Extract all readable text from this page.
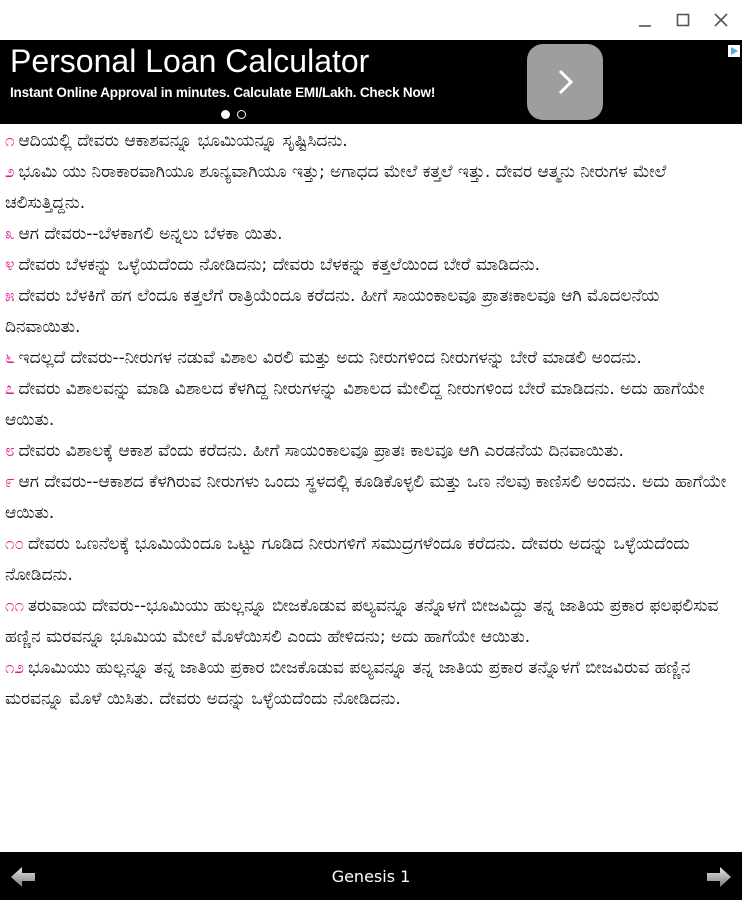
Personal Loan Calculator
Instant Online Approval in minutes. Calculate EMI/Lakh. Check Now!

೧ ಆದಿಯಲ್ಲಿ ದೇವರು ಆಕಾಶವನ್ನೂ ಭೂಮಿಯನ್ನೂ ಸೃಷ್ಟಿಸಿದನು.

೨ ಭೂಮಿ ಯು ನಿರಾಕಾರವಾಗಿಯೂ ಶೂನ್ಯವಾಗಿಯೂ ಇತ್ತು; ಅಗಾಧದ ಮೇಲೆ ಕತ್ತಲೆ ಇತ್ತು. ದೇವರ ಆತ್ಮನು ನೀರುಗಳ ಮೇಲೆ ಚಲಿಸುತ್ತಿದ್ದನು.

೩ ಆಗ ದೇವರು--ಬೆಳಕಾಗಲಿ ಅನ್ನಲು ಬೆಳಕಾ ಯಿತು.

೪ ದೇವರು ಬೆಳಕನ್ನು ಒಳ್ಳೆಯದೆಂದು ನೋಡಿದನು; ದೇವರು ಬೆಳಕನ್ನು ಕತ್ತಲೆಯಿಂದ ಬೇರೆ ಮಾಡಿದನು.

೫ ದೇವರು ಬೆಳಕಿಗೆ ಹಗ ಲೆಂದೂ ಕತ್ತಲೆಗೆ ರಾತ್ರಿಯೆಂದೂ ಕರೆದನು. ಹೀಗೆ ಸಾಯಂಕಾಲವೂ ಪ್ರಾತಃಕಾಲವೂ ಆಗಿ ಮೊದಲನೆಯ ದಿನವಾಯಿತು.

೬ ಇದಲ್ಲದೆ ದೇವರು--ನೀರುಗಳ ನಡುವೆ ವಿಶಾಲ ವಿರಲಿ ಮತ್ತು ಅದು ನೀರುಗಳಿಂದ ನೀರುಗಳನ್ನು ಬೇರೆ ಮಾಡಲಿ ಅಂದನು.

೭ ದೇವರು ವಿಶಾಲವನ್ನು ಮಾಡಿ ವಿಶಾಲದ ಕೆಳಗಿದ್ದ ನೀರುಗಳನ್ನು ವಿಶಾಲದ ಮೇಲಿದ್ದ ನೀರುಗಳಿಂದ ಬೇರೆ ಮಾಡಿದನು. ಅದು ಹಾಗೆಯೇ ಆಯಿತು.

೮ ದೇವರು ವಿಶಾಲಕ್ಕೆ ಆಕಾಶ ವೆಂದು ಕರೆದನು. ಹೀಗೆ ಸಾಯಂಕಾಲವೂ ಪ್ರಾತಃ ಕಾಲವೂ ಆಗಿ ಎರಡನೆಯ ದಿನವಾಯಿತು.

೯ ಆಗ ದೇವರು--ಆಕಾಶದ ಕೆಳಗಿರುವ ನೀರುಗಳು ಒಂದು ಸ್ಥಳದಲ್ಲಿ ಕೂಡಿಕೊಳ್ಳಲಿ ಮತ್ತು ಒಣ ನೆಲವು ಕಾಣಿಸಲಿ ಅಂದನು. ಅದು ಹಾಗೆಯೇ ಆಯಿತು.

೧೦ ದೇವರು ಒಣನೆಲಕ್ಕೆ ಭೂಮಿಯೆಂದೂ ಒಟ್ಟು ಗೂಡಿದ ನೀರುಗಳಿಗೆ ಸಮುದ್ರಗಳೆಂದೂ ಕರೆದನು. ದೇವರು ಅದನ್ನು ಒಳ್ಳೆಯದೆಂದು ನೋಡಿದನು.

೧೧ ತರುವಾಯ ದೇವರು--ಭೂಮಿಯು ಹುಲ್ಲನ್ನೂ ಬೀಜಕೊಡುವ ಪಲ್ಯವನ್ನೂ ತನ್ನೊಳಗೆ ಬೀಜವಿದ್ದು ತನ್ನ ಜಾತಿಯ ಪ್ರಕಾರ ಫಲಫಲಿಸುವ ಹಣ್ಣಿನ ಮರವನ್ನೂ ಭೂಮಿಯ ಮೇಲೆ ಮೊಳೆಯಿಸಲಿ ಎಂದು ಹೇಳಿದನು; ಅದು ಹಾಗೆಯೇ ಆಯಿತು.

೧೨ ಭೂಮಿಯು ಹುಲ್ಲನ್ನೂ ತನ್ನ ಜಾತಿಯ ಪ್ರಕಾರ ಬೀಜಕೊಡುವ ಪಲ್ಯವನ್ನೂ ತನ್ನ ಜಾತಿಯ ಪ್ರಕಾರ ತನ್ನೊಳಗೆ ಬೀಜವಿರುವ ಹಣ್ಣಿನ ಮರವನ್ನೂ ಮೊಳೆ ಯಿಸಿತು. ದೇವರು ಅದನ್ನು ಒಳ್ಳೆಯದೆಂದು ನೋಡಿದನು.

Genesis 1
